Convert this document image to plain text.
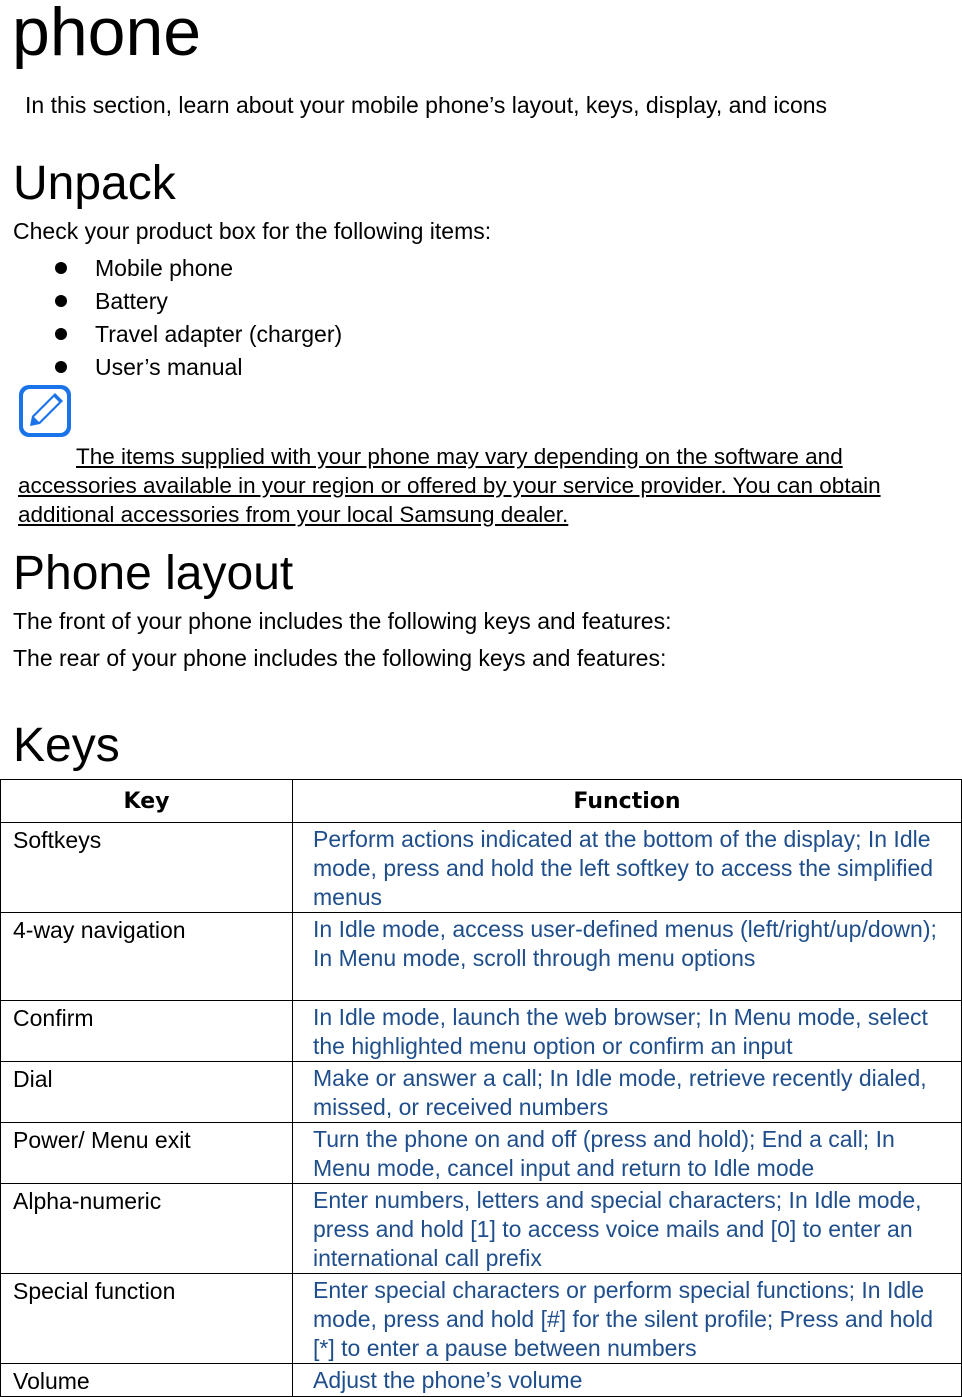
phone

In this section, learn about your mobile phone’s layout, keys, display, and icons

Unpack

Check your product box for the following items:

Mobile phone
Battery
Travel adapter (charger)
User’s manual

The items supplied with your phone may vary depending on the software and accessories available in your region or offered by your service provider. You can obtain additional accessories from your local Samsung dealer.

Phone layout

The front of your phone includes the following keys and features:

The rear of your phone includes the following keys and features:

Keys
Key	Function
Softkeys	Perform actions indicated at the bottom of the display; In Idle mode, press and hold the left softkey to access the simplified menus
4-way navigation	In Idle mode, access user-defined menus (left/right/up/down); In Menu mode, scroll through menu options
Confirm	In Idle mode, launch the web browser; In Menu mode, select the highlighted menu option or confirm an input
Dial	Make or answer a call; In Idle mode, retrieve recently dialed, missed, or received numbers
Power/ Menu exit	Turn the phone on and off (press and hold); End a call; In Menu mode, cancel input and return to Idle mode
Alpha-numeric	Enter numbers, letters and special characters; In Idle mode, press and hold [1] to access voice mails and [0] to enter an international call prefix
Special function	Enter special characters or perform special functions; In Idle mode, press and hold [#] for the silent profile; Press and hold [*] to enter a pause between numbers
Volume	Adjust the phone’s volume
